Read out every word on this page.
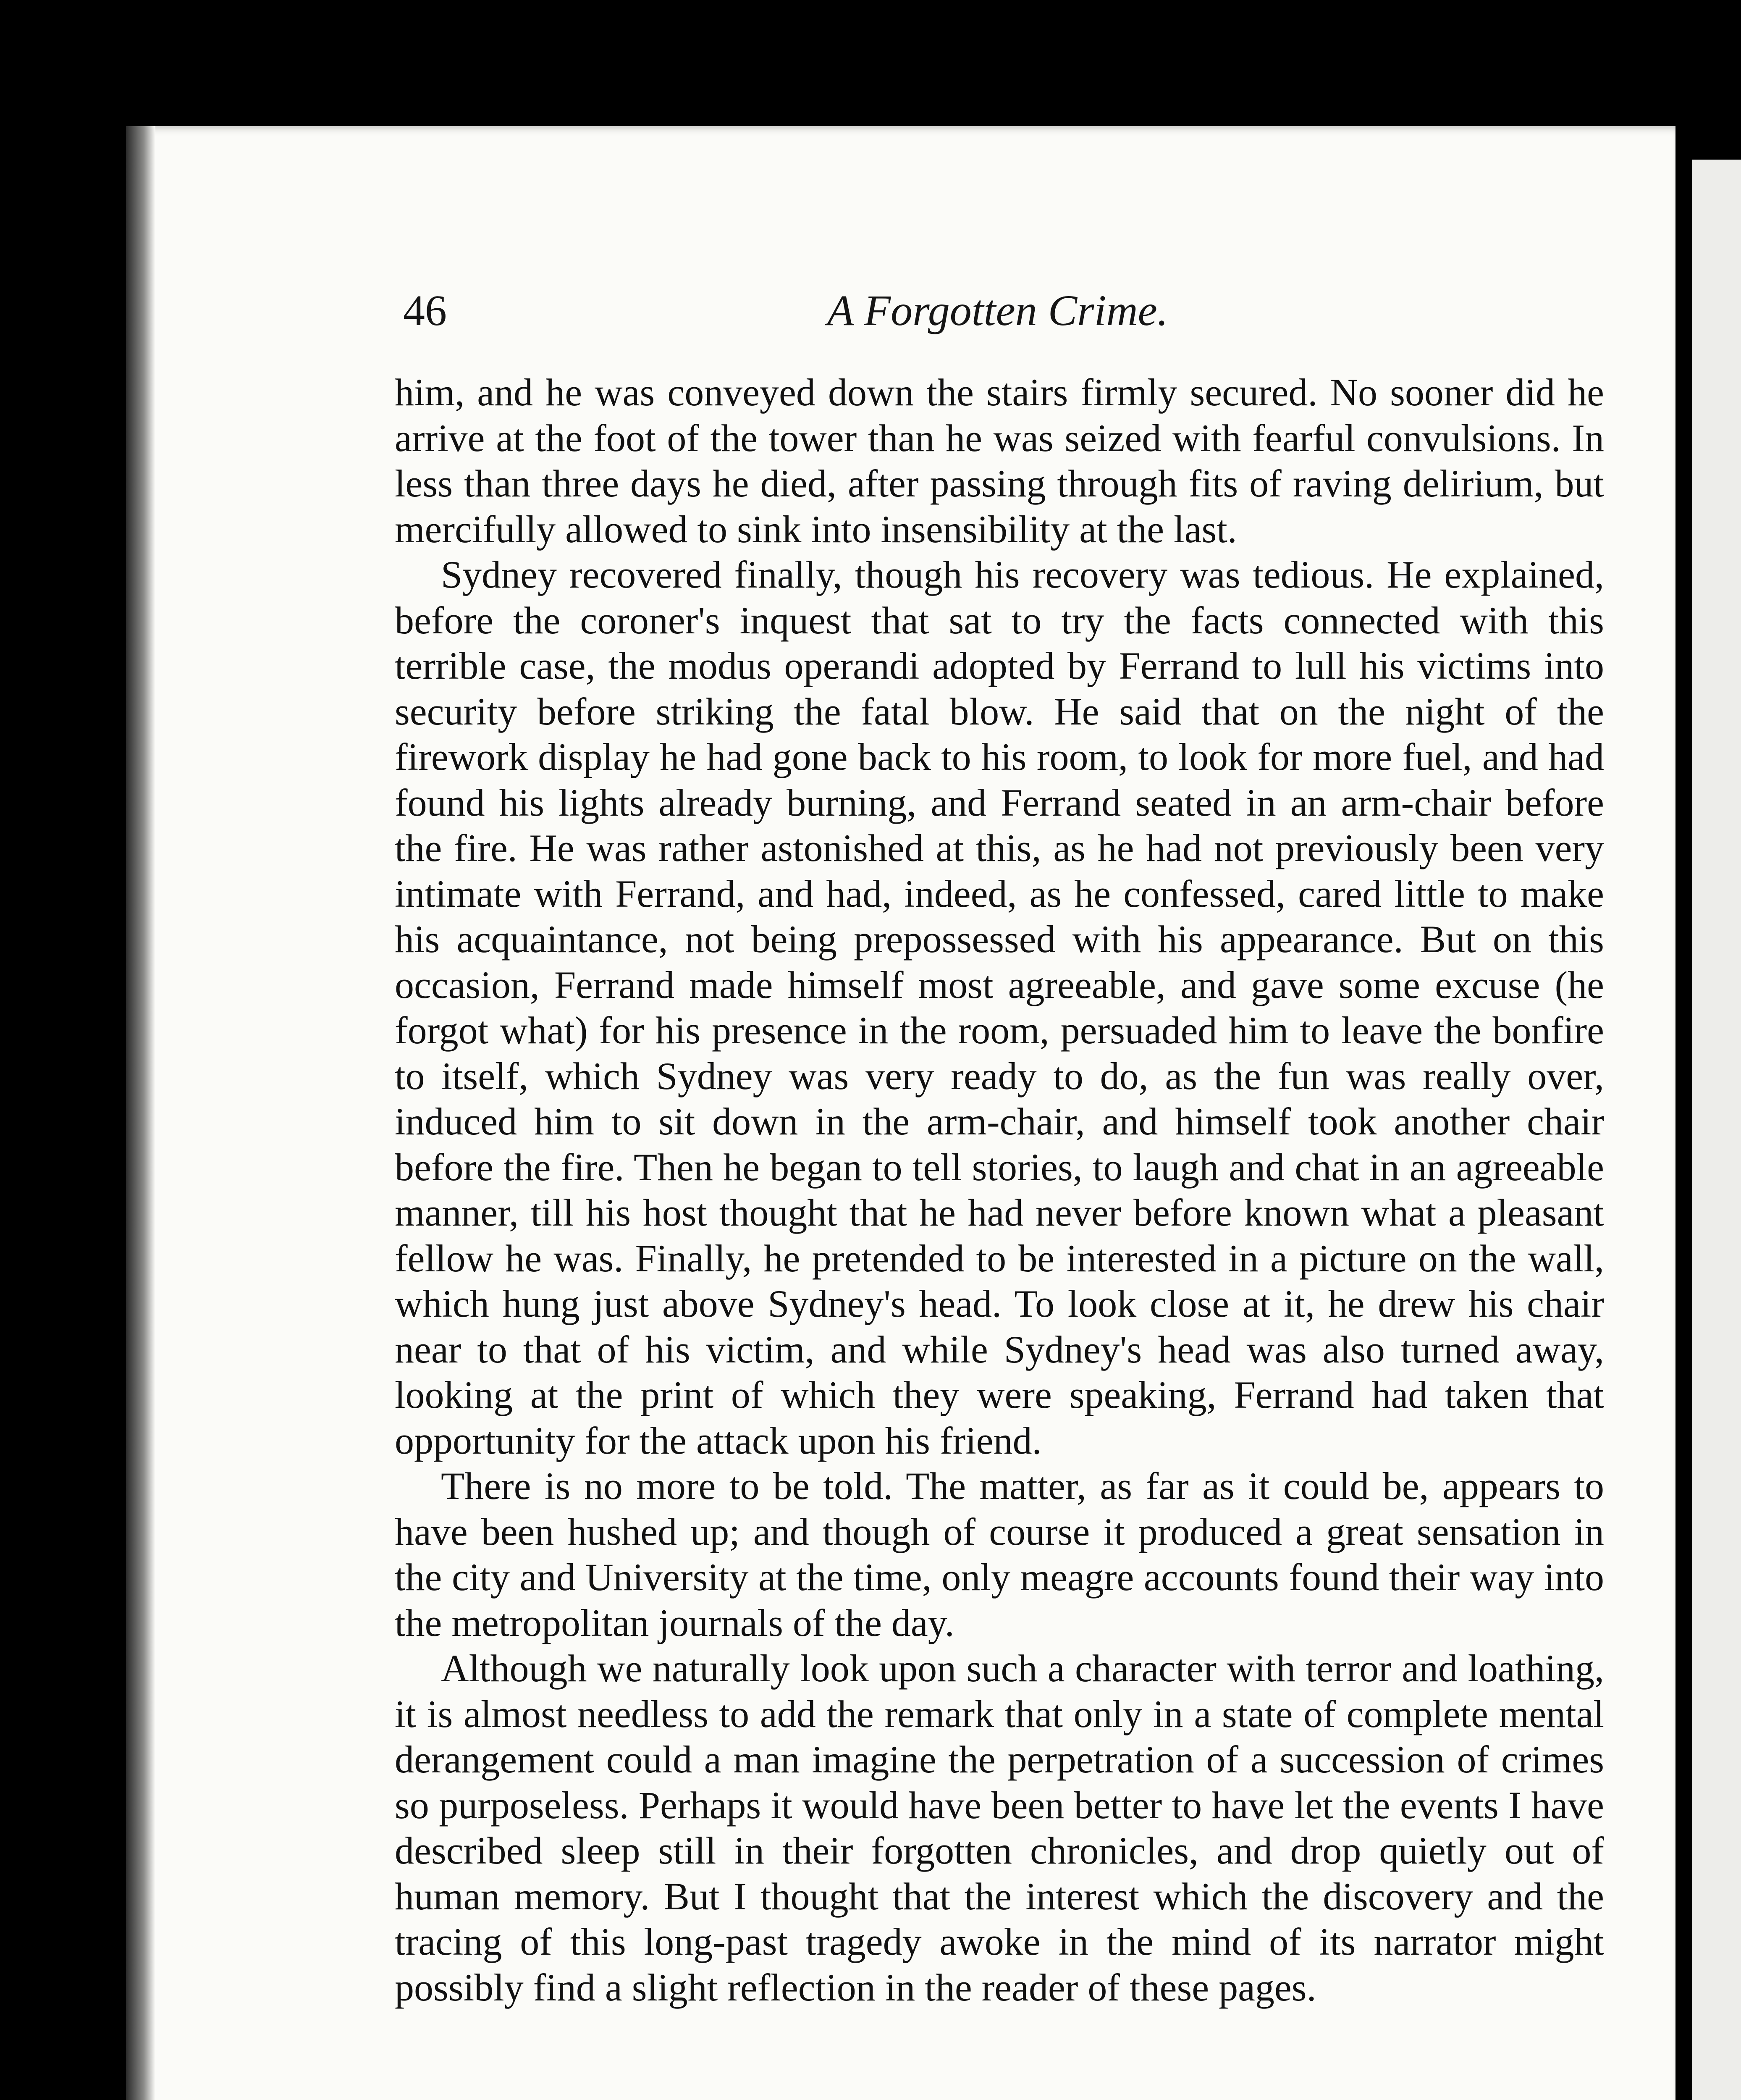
46	A Forgotten Crime.

him, and he was conveyed down the stairs firmly secured. No sooner did he arrive at the foot of the tower than he was seized with fearful convulsions. In less than three days he died, after passing through fits of raving delirium, but mercifully allowed to sink into insensibility at the last.

Sydney recovered finally, though his recovery was tedious. He explained, before the coroner's inquest that sat to try the facts connected with this terrible case, the modus operandi adopted by Ferrand to lull his victims into security before striking the fatal blow. He said that on the night of the firework display he had gone back to his room, to look for more fuel, and had found his lights already burning, and Ferrand seated in an arm-chair before the fire. He was rather astonished at this, as he had not previously been very intimate with Ferrand, and had, indeed, as he confessed, cared little to make his acquaintance, not being prepossessed with his appearance. But on this occasion, Ferrand made himself most agreeable, and gave some excuse (he forgot what) for his presence in the room, persuaded him to leave the bonfire to itself, which Sydney was very ready to do, as the fun was really over, induced him to sit down in the arm-chair, and himself took another chair before the fire. Then he began to tell stories, to laugh and chat in an agreeable manner, till his host thought that he had never before known what a pleasant fellow he was. Finally, he pretended to be interested in a picture on the wall, which hung just above Sydney's head. To look close at it, he drew his chair near to that of his victim, and while Sydney's head was also turned away, looking at the print of which they were speaking, Ferrand had taken that opportunity for the attack upon his friend.

There is no more to be told. The matter, as far as it could be, appears to have been hushed up; and though of course it produced a great sensation in the city and University at the time, only meagre accounts found their way into the metropolitan journals of the day.

Although we naturally look upon such a character with terror and loathing, it is almost needless to add the remark that only in a state of complete mental derangement could a man imagine the perpetration of a succession of crimes so purposeless. Perhaps it would have been better to have let the events I have described sleep still in their forgotten chronicles, and drop quietly out of human memory. But I thought that the interest which the discovery and the tracing of this long-past tragedy awoke in the mind of its narrator might possibly find a slight reflection in the reader of these pages.
